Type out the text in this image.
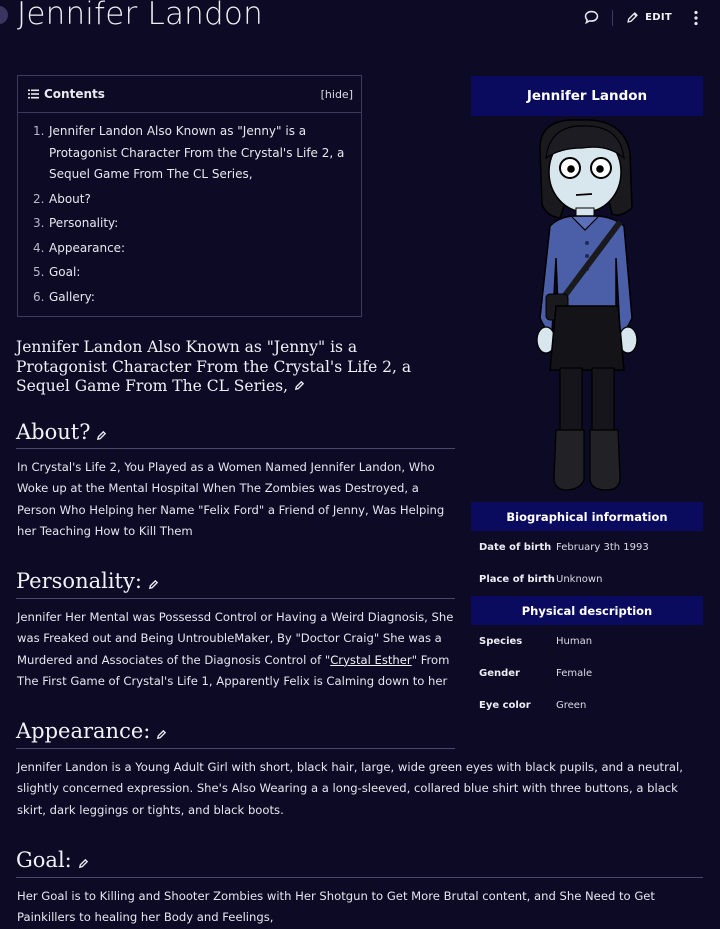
Jennifer Landon	EDIT
Contents	[hide]
1. Jennifer Landon Also Known as "Jenny" is a Protagonist Character From the Crystal's Life 2, a Sequel Game From The CL Series,
2. About?
3. Personality:
4. Appearance:
5. Goal:
6. Gallery:
Jennifer Landon Also Known as "Jenny" is a Protagonist Character From the Crystal's Life 2, a Sequel Game From The CL Series,
About?
In Crystal's Life 2, You Played as a Women Named Jennifer Landon, Who Woke up at the Mental Hospital When The Zombies was Destroyed, a Person Who Helping her Name "Felix Ford" a Friend of Jenny, Was Helping her Teaching How to Kill Them
Personality:
Jennifer Her Mental was Possessd Control or Having a Weird Diagnosis, She was Freaked out and Being UntroubleMaker, By "Doctor Craig" She was a Murdered and Associates of the Diagnosis Control of "Crystal Esther" From The First Game of Crystal's Life 1, Apparently Felix is Calming down to her
Appearance:
Jennifer Landon is a Young Adult Girl with short, black hair, large, wide green eyes with black pupils, and a neutral, slightly concerned expression. She's Also Wearing a a long-sleeved, collared blue shirt with three buttons, a black skirt, dark leggings or tights, and black boots.
Goal:
Her Goal is to Killing and Shooter Zombies with Her Shotgun to Get More Brutal content, and She Need to Get Painkillers to healing her Body and Feelings,
Jennifer Landon
Biographical information
Date of birth February 3th 1993
Place of birth Unknown
Physical description
Species	Human
Gender	Female
Eye color	Green
